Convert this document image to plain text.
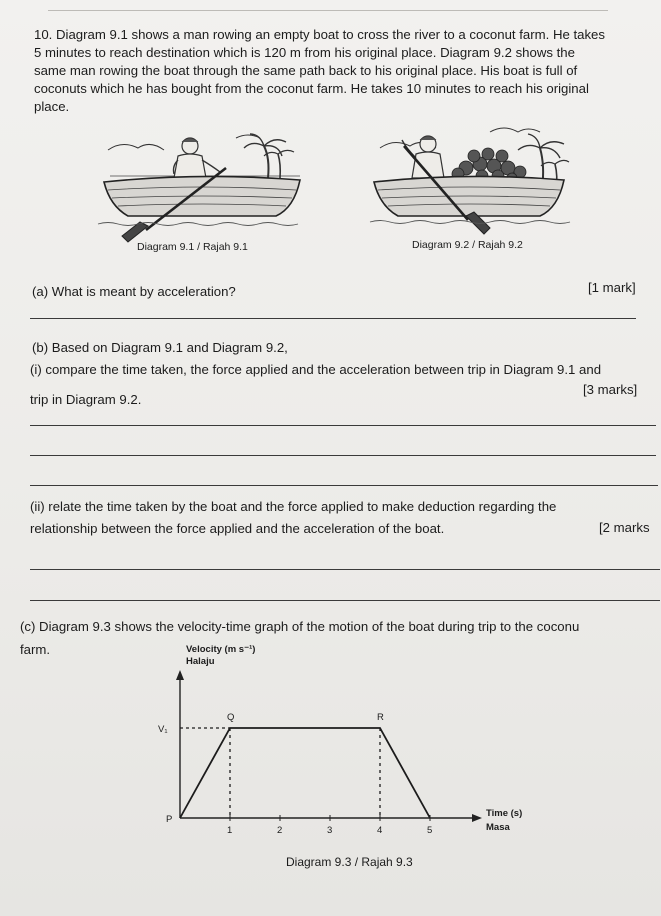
10. Diagram 9.1 shows a man rowing an empty boat to cross the river to a coconut farm. He takes
5 minutes to reach destination which is 120 m from his original place. Diagram 9.2 shows the
same man rowing the boat through the same path back to his original place. His boat is full of
coconuts which he has bought from the coconut farm. He takes 10 minutes to reach his original
place.
Diagram 9.1 / Rajah 9.1	Diagram 9.2 / Rajah 9.2
(a) What is meant by acceleration?	[1 mark]
(b) Based on Diagram 9.1 and Diagram 9.2,
(i) compare the time taken, the force applied and the acceleration between trip in Diagram 9.1 and
trip in Diagram 9.2.
[3 marks]
(ii) relate the time taken by the boat and the force applied to make deduction regarding the
relationship between the force applied and the acceleration of the boat.	[2 marks
(c) Diagram 9.3 shows the velocity-time graph of the motion of the boat during trip to the coconu
farm.	Velocity (m s⁻¹)
Halaju
Time (s)
Masa
P
V₁
Q	R
1	2	3	4	5
Diagram 9.3 / Rajah 9.3
